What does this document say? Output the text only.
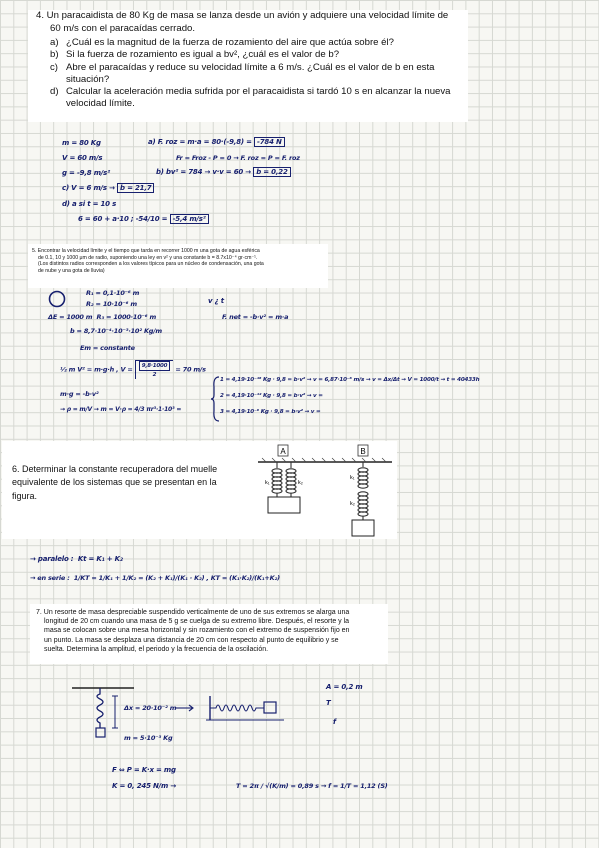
4. Un paracaidista de 80 Kg de masa se lanza desde un avión y adquiere una velocidad límite de
60 m/s con el paracaídas cerrado.
a) ¿Cuál es la magnitud de la fuerza de rozamiento del aire que actúa sobre él?
b) Si la fuerza de rozamiento es igual a bv², ¿cuál es el valor de b?
c) Abre el paracaídas y reduce su velocidad límite a 6 m/s. ¿Cuál es el valor de b en esta
situación?
d) Calcular la aceleración media sufrida por el paracaidista si tardó 10 s en alcanzar la nueva
velocidad límite.
m = 80 Kg
V = 60 m/s
g = -9,8 m/s²
c) V = 6 m/s → b = 21,7
d) a si t = 10 s
6 = 60 + a·10 ; -54/10 = -5,4 m/s²
a) F. roz = m·a = 80·(-9,8) = -784 N
Fr = Froz - P = 0 → F. roz = P = F. roz
b) bv² = 784 → v·v = 60 → b = 0,22
5. Encontrar la velocidad límite y el tiempo que tarda en recorrer 1000 m una gota de agua esférica
de 0.1, 10 y 1000 μm de radio, suponiendo una ley en v² y una constante b = 8.7x10⁻⁴ gr·cm⁻¹.
(Los distintos radios corresponden a los valores típicos para un núcleo de condensación, una gota
de nube y una gota de lluvia)
R₁ = 0,1·10⁻⁶ m
R₂ = 10·10⁻⁶ m
ΔE = 1000 m R₃ = 1000·10⁻⁶ m
b = 8,7·10⁻⁴·10⁻³·10² Kg/m
v ¿ t
F. net = -b·v² = m·a
Em = constante
½ m V² = m·g·h , $V = \frac{9,8\cdot 1000}{2} = 70$ m/s
m·g = -b·v²
→ ρ = m/V → m = V·ρ = 4/3 πr³·1·10³ =
1 = 4,19·10⁻¹⁸ Kg · 9,8 = b·v² → v = 6,87·10⁻⁶ m/s → v = Δx/Δt → V = 1000/t → t = 40433h
2 = 4,19·10⁻¹² Kg · 9,8 = b·v² → v =
3 = 4,19·10⁻⁶ Kg · 9,8 = b·v² → v =
6. Determinar la constante recuperadora del muelle equivalente de los sistemas que se presentan en la figura.
A	B
k₁	k₂
k₁
k₂
→ paralelo : Kt = K₁ + K₂
→ en serie : 1/KT = 1/K₁ + 1/K₂ = (K₂ + K₁)/(K₁ · K₂) , KT = (K₁·K₂)/(K₁+K₂)
7. Un resorte de masa despreciable suspendido verticalmente de uno de sus extremos se alarga una
longitud de 20 cm cuando una masa de 5 g se cuelga de su extremo libre. Después, el resorte y la
masa se colocan sobre una mesa horizontal y sin rozamiento con el extremo de suspensión fijo en
un punto. La masa se desplaza una distancia de 20 cm con respecto al punto de equilibrio y se
suelta. Determina la amplitud, el periodo y la frecuencia de la oscilación.
Δx = 20·10⁻² m
m = 5·10⁻³ Kg
A = 0,2 m
T
f
F ⇔ P = K·x = mg
K = 0, 245 N/m →	T = 2π / √(K/m) = 0,89 s → f = 1/T = 1,12 (S)
